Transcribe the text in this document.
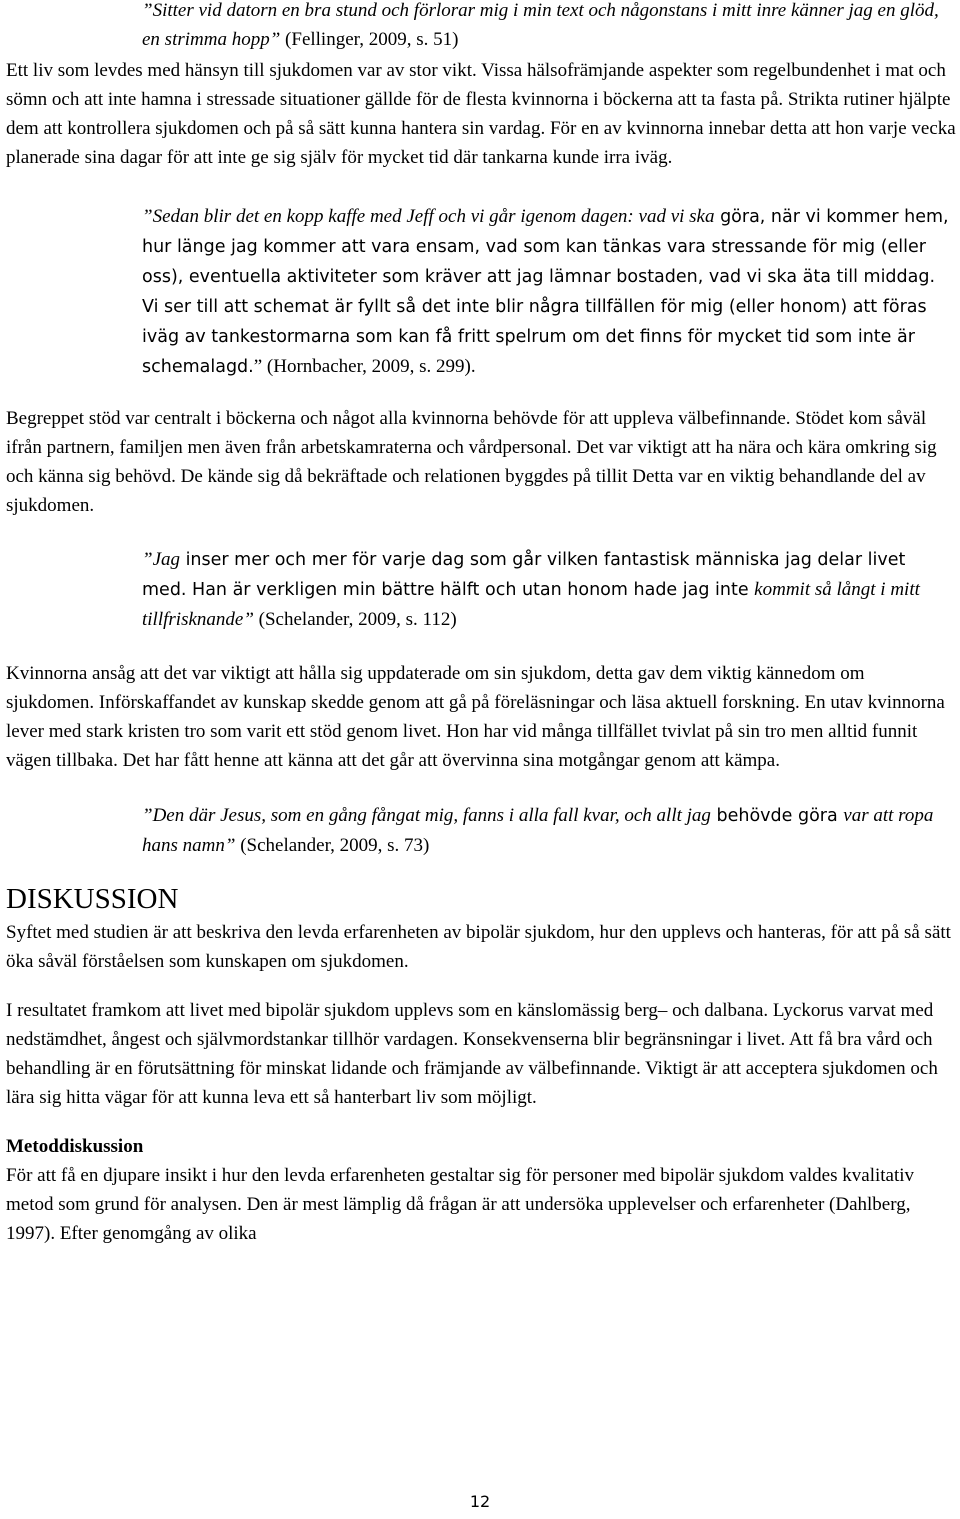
”Sitter vid datorn en bra stund och förlorar mig i min text och någonstans i mitt inre känner jag en glöd, en strimma hopp” (Fellinger, 2009, s. 51)

Ett liv som levdes med hänsyn till sjukdomen var av stor vikt. Vissa hälsofrämjande aspekter som regelbundenhet i mat och sömn och att inte hamna i stressade situationer gällde för de flesta kvinnorna i böckerna att ta fasta på. Strikta rutiner hjälpte dem att kontrollera sjukdomen och på så sätt kunna hantera sin vardag. För en av kvinnorna innebar detta att hon varje vecka planerade sina dagar för att inte ge sig själv för mycket tid där tankarna kunde irra iväg.

”Sedan blir det en kopp kaffe med Jeff och vi går igenom dagen: vad vi ska göra, när vi kommer hem, hur länge jag kommer att vara ensam, vad som kan tänkas vara stressande för mig (eller oss), eventuella aktiviteter som kräver att jag lämnar bostaden, vad vi ska äta till middag. Vi ser till att schemat är fyllt så det inte blir några tillfällen för mig (eller honom) att föras iväg av tankestormarna som kan få fritt spelrum om det finns för mycket tid som inte är schemalagd.” (Hornbacher, 2009, s. 299).

Begreppet stöd var centralt i böckerna och något alla kvinnorna behövde för att uppleva välbefinnande. Stödet kom såväl ifrån partnern, familjen men även från arbetskamraterna och vårdpersonal. Det var viktigt att ha nära och kära omkring sig och känna sig behövd. De kände sig då bekräftade och relationen byggdes på tillit Detta var en viktig behandlande del av sjukdomen.

”Jag inser mer och mer för varje dag som går vilken fantastisk människa jag delar livet med. Han är verkligen min bättre hälft och utan honom hade jag inte kommit så långt i mitt tillfrisknande” (Schelander, 2009, s. 112)

Kvinnorna ansåg att det var viktigt att hålla sig uppdaterade om sin sjukdom, detta gav dem viktig kännedom om sjukdomen. Införskaffandet av kunskap skedde genom att gå på föreläsningar och läsa aktuell forskning. En utav kvinnorna lever med stark kristen tro som varit ett stöd genom livet. Hon har vid många tillfället tvivlat på sin tro men alltid funnit vägen tillbaka. Det har fått henne att känna att det går att övervinna sina motgångar genom att kämpa.

”Den där Jesus, som en gång fångat mig, fanns i alla fall kvar, och allt jag behövde göra var att ropa hans namn” (Schelander, 2009, s. 73)

DISKUSSION

Syftet med studien är att beskriva den levda erfarenheten av bipolär sjukdom, hur den upplevs och hanteras, för att på så sätt öka såväl förståelsen som kunskapen om sjukdomen.

I resultatet framkom att livet med bipolär sjukdom upplevs som en känslomässig berg– och dalbana. Lyckorus varvat med nedstämdhet, ångest och självmordstankar tillhör vardagen. Konsekvenserna blir begränsningar i livet. Att få bra vård och behandling är en förutsättning för minskat lidande och främjande av välbefinnande. Viktigt är att acceptera sjukdomen och lära sig hitta vägar för att kunna leva ett så hanterbart liv som möjligt.

Metoddiskussion

För att få en djupare insikt i hur den levda erfarenheten gestaltar sig för personer med bipolär sjukdom valdes kvalitativ metod som grund för analysen. Den är mest lämplig då frågan är att undersöka upplevelser och erfarenheter (Dahlberg, 1997). Efter genomgång av olika

12
